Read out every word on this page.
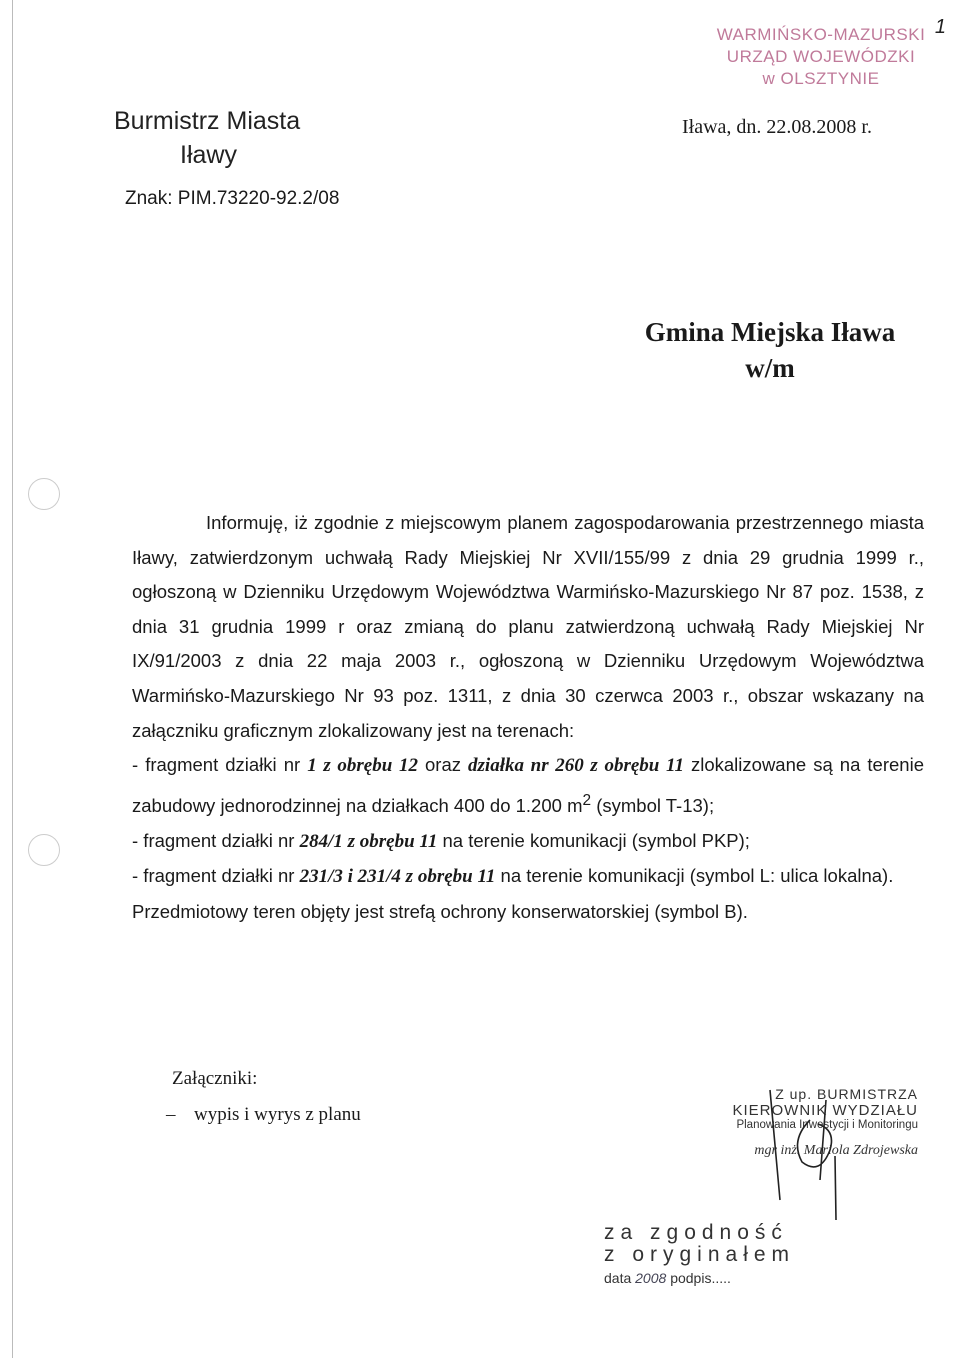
1
WARMIŃSKO-MAZURSKI
URZĄD WOJEWÓDZKI
w OLSZTYNIE
Burmistrz Miasta
Iławy
Iława, dn. 22.08.2008 r.
Znak: PIM.73220-92.2/08
Gmina Miejska Iława
w/m

Informuję, iż zgodnie z miejscowym planem zagospodarowania przestrzennego miasta Iławy, zatwierdzonym uchwałą Rady Miejskiej Nr XVII/155/99 z dnia 29 grudnia 1999 r., ogłoszoną w Dzienniku Urzędowym Województwa Warmińsko-Mazurskiego Nr 87 poz. 1538, z dnia 31 grudnia 1999 r oraz zmianą do planu zatwierdzoną uchwałą Rady Miejskiej Nr IX/91/2003 z dnia 22 maja 2003 r., ogłoszoną w Dzienniku Urzędowym Województwa Warmińsko-Mazurskiego Nr 93 poz. 1311, z dnia 30 czerwca 2003 r., obszar wskazany na załączniku graficznym zlokalizowany jest na terenach:

- fragment działki nr 1 z obrębu 12 oraz działka nr 260 z obrębu 11 zlokalizowane są na terenie zabudowy jednorodzinnej na działkach 400 do 1.200 $m^2$ (symbol T-13);

- fragment działki nr 284/1 z obrębu 11 na terenie komunikacji (symbol PKP);

- fragment działki nr 231/3 i 231/4 z obrębu 11 na terenie komunikacji (symbol L: ulica lokalna).

Przedmiotowy teren objęty jest strefą ochrony konserwatorskiej (symbol B).

Załączniki:
– wypis i wyrys z planu
Z up. BURMISTRZA
KIEROWNIK WYDZIAŁU
Planowania Inwestycji i Monitoringu
mgr inż. Mariola Zdrojewska
za zgodność
z oryginałem
data 2008 podpis.....
